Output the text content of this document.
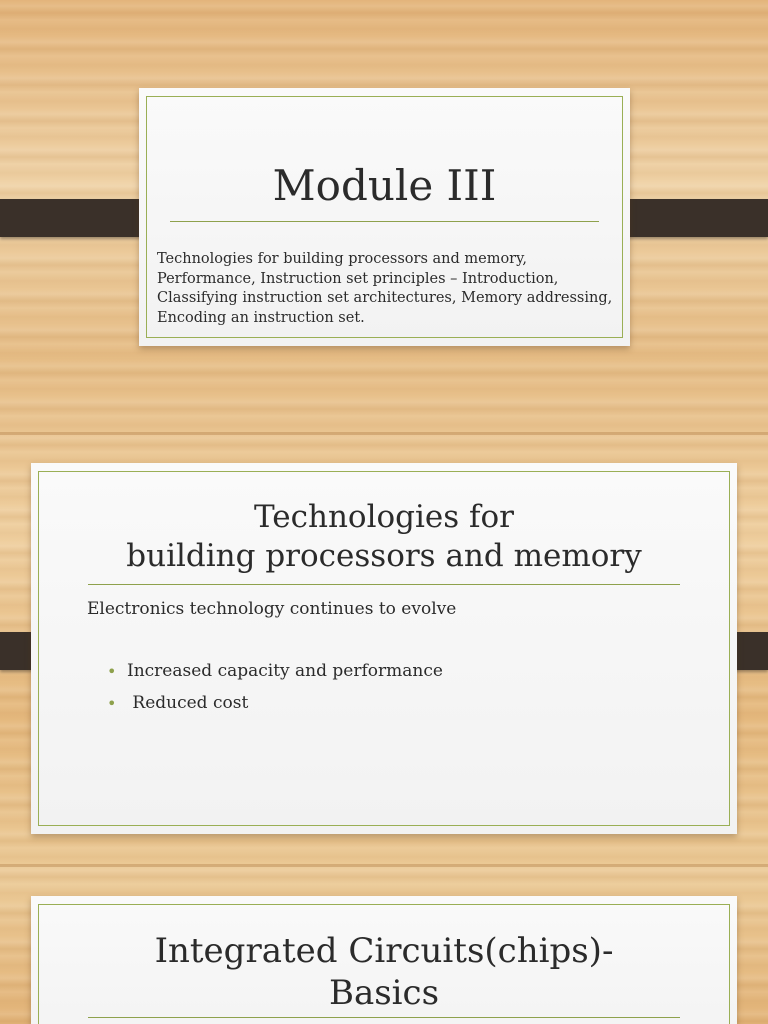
Module III
Technologies for building processors and memory, Performance, Instruction set principles – Introduction, Classifying instruction set architectures, Memory addressing, Encoding an instruction set.
Technologies for
building processors and memory
Electronics technology continues to evolve
• Increased capacity and performance
• Reduced cost
Integrated Circuits(chips)-
Basics
